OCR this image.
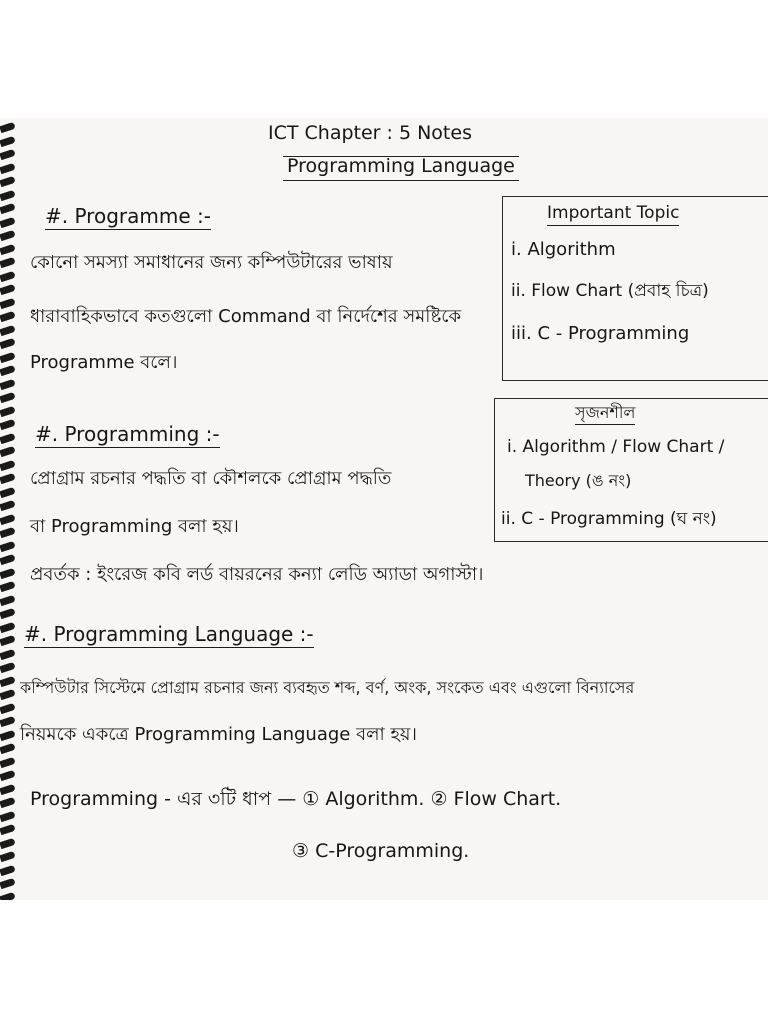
ICT Chapter : 5 Notes
Programming Language
#. Programme :-
কোনো সমস্যা সমাধানের জন্য কম্পিউটারের ভাষায়
ধারাবাহিকভাবে কতগুলো Command বা নির্দেশের সমষ্টিকে
Programme বলে।
#. Programming :-
প্রোগ্রাম রচনার পদ্ধতি বা কৌশলকে প্রোগ্রাম পদ্ধতি
বা Programming বলা হয়।
প্রবর্তক : ইংরেজ কবি লর্ড বায়রনের কন্যা লেডি অ্যাডা অগাস্টা।
#. Programming Language :-
কম্পিউটার সিস্টেমে প্রোগ্রাম রচনার জন্য ব্যবহৃত শব্দ, বর্ণ, অংক, সংকেত এবং এগুলো বিন্যাসের
নিয়মকে একত্রে Programming Language বলা হয়।
Programming - এর ৩টি ধাপ — ① Algorithm. ② Flow Chart.
③ C-Programming.
Important Topic
i. Algorithm
ii. Flow Chart (প্রবাহ চিত্র)
iii. C - Programming
সৃজনশীল
i. Algorithm / Flow Chart /
Theory (ঙ নং)
ii. C - Programming (ঘ নং)
